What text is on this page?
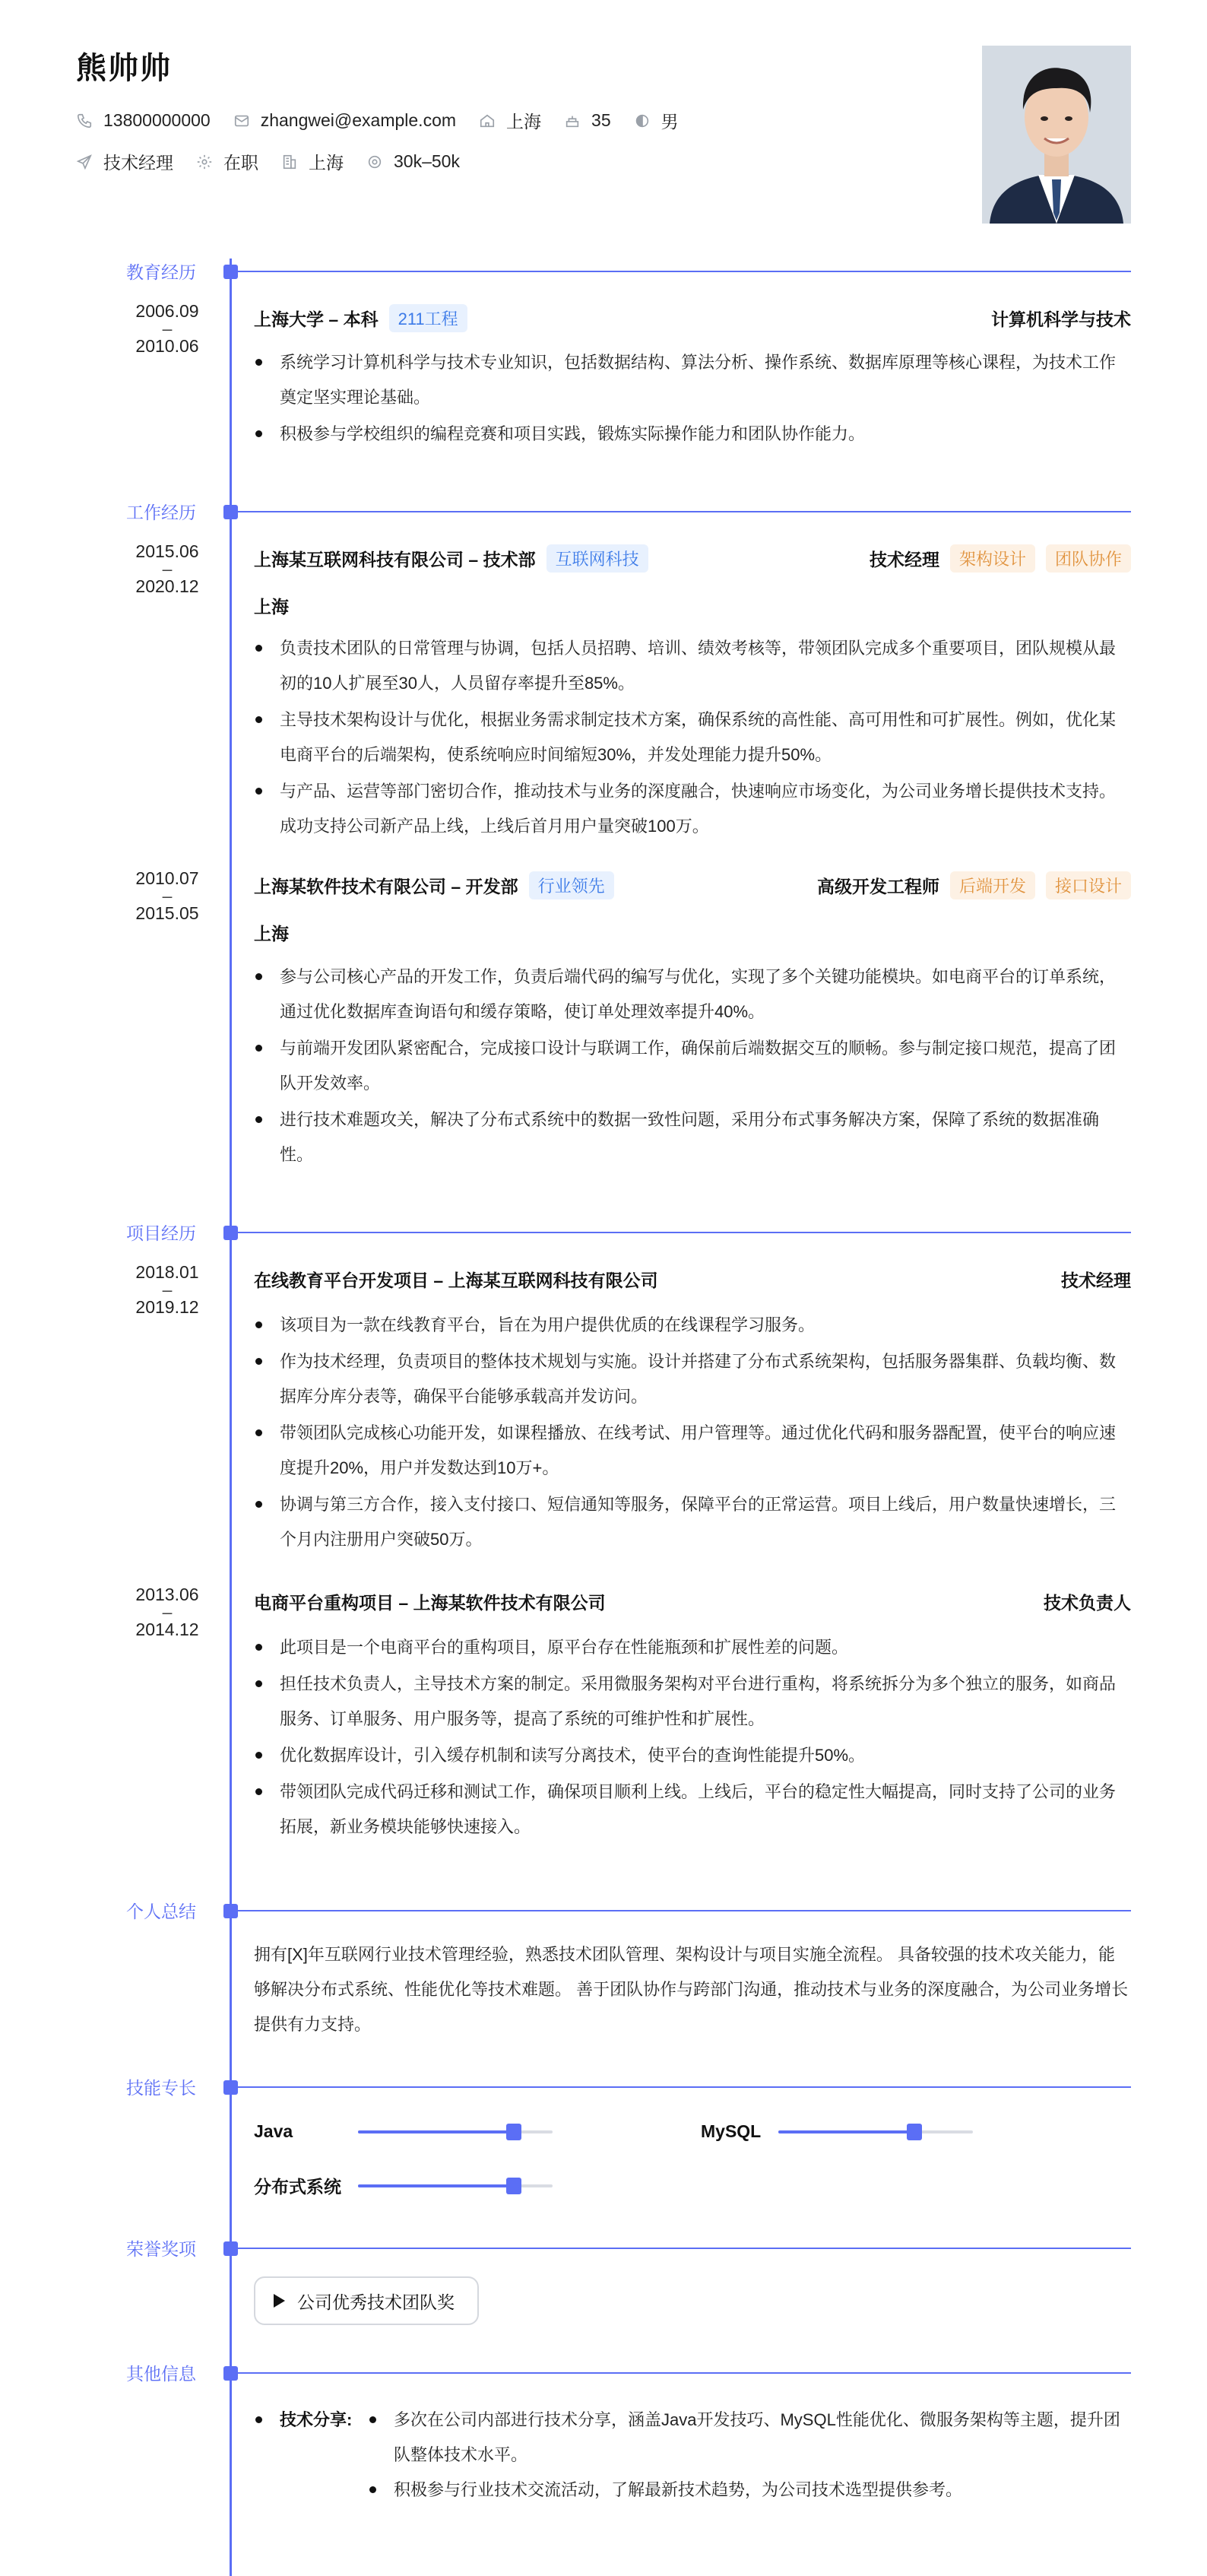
熊帅帅
13800000000	zhangwei@example.com	上海	35	男
技术经理	在职	上海	30k–50k
教育经历
2006.09
–
2010.06
上海大学 – 本科	211工程	计算机科学与技术
系统学习计算机科学与技术专业知识，包括数据结构、算法分析、操作系统、数据库原理等核心课程，为技术工作奠定坚实理论基础。
积极参与学校组织的编程竞赛和项目实践，锻炼实际操作能力和团队协作能力。
工作经历
2015.06
–
2020.12
上海某互联网科技有限公司 – 技术部	互联网科技	技术经理	架构设计	团队协作
上海
负责技术团队的日常管理与协调，包括人员招聘、培训、绩效考核等，带领团队完成多个重要项目，团队规模从最初的10人扩展至30人，人员留存率提升至85%。
主导技术架构设计与优化，根据业务需求制定技术方案，确保系统的高性能、高可用性和可扩展性。例如，优化某电商平台的后端架构，使系统响应时间缩短30%，并发处理能力提升50%。
与产品、运营等部门密切合作，推动技术与业务的深度融合，快速响应市场变化，为公司业务增长提供技术支持。成功支持公司新产品上线，上线后首月用户量突破100万。
2010.07
–
2015.05
上海某软件技术有限公司 – 开发部	行业领先	高级开发工程师	后端开发	接口设计
上海
参与公司核心产品的开发工作，负责后端代码的编写与优化，实现了多个关键功能模块。如电商平台的订单系统，通过优化数据库查询语句和缓存策略，使订单处理效率提升40%。
与前端开发团队紧密配合，完成接口设计与联调工作，确保前后端数据交互的顺畅。参与制定接口规范，提高了团队开发效率。
进行技术难题攻关，解决了分布式系统中的数据一致性问题，采用分布式事务解决方案，保障了系统的数据准确性。
项目经历
2018.01
–
2019.12
在线教育平台开发项目 – 上海某互联网科技有限公司	技术经理
该项目为一款在线教育平台，旨在为用户提供优质的在线课程学习服务。
作为技术经理，负责项目的整体技术规划与实施。设计并搭建了分布式系统架构，包括服务器集群、负载均衡、数据库分库分表等，确保平台能够承载高并发访问。
带领团队完成核心功能开发，如课程播放、在线考试、用户管理等。通过优化代码和服务器配置，使平台的响应速度提升20%，用户并发数达到10万+。
协调与第三方合作，接入支付接口、短信通知等服务，保障平台的正常运营。项目上线后，用户数量快速增长，三个月内注册用户突破50万。
2013.06
–
2014.12
电商平台重构项目 – 上海某软件技术有限公司	技术负责人
此项目是一个电商平台的重构项目，原平台存在性能瓶颈和扩展性差的问题。
担任技术负责人，主导技术方案的制定。采用微服务架构对平台进行重构，将系统拆分为多个独立的服务，如商品服务、订单服务、用户服务等，提高了系统的可维护性和扩展性。
优化数据库设计，引入缓存机制和读写分离技术，使平台的查询性能提升50%。
带领团队完成代码迁移和测试工作，确保项目顺利上线。上线后，平台的稳定性大幅提高，同时支持了公司的业务拓展，新业务模块能够快速接入。
个人总结
拥有[X]年互联网行业技术管理经验，熟悉技术团队管理、架构设计与项目实施全流程。 具备较强的技术攻关能力，能够解决分布式系统、性能优化等技术难题。 善于团队协作与跨部门沟通，推动技术与业务的深度融合，为公司业务增长提供有力支持。
技能专长
Java	MySQL
分布式系统
荣誉奖项
公司优秀技术团队奖
其他信息
技术分享:	多次在公司内部进行技术分享，涵盖Java开发技巧、MySQL性能优化、微服务架构等主题，提升团队整体技术水平。
积极参与行业技术交流活动，了解最新技术趋势，为公司技术选型提供参考。
